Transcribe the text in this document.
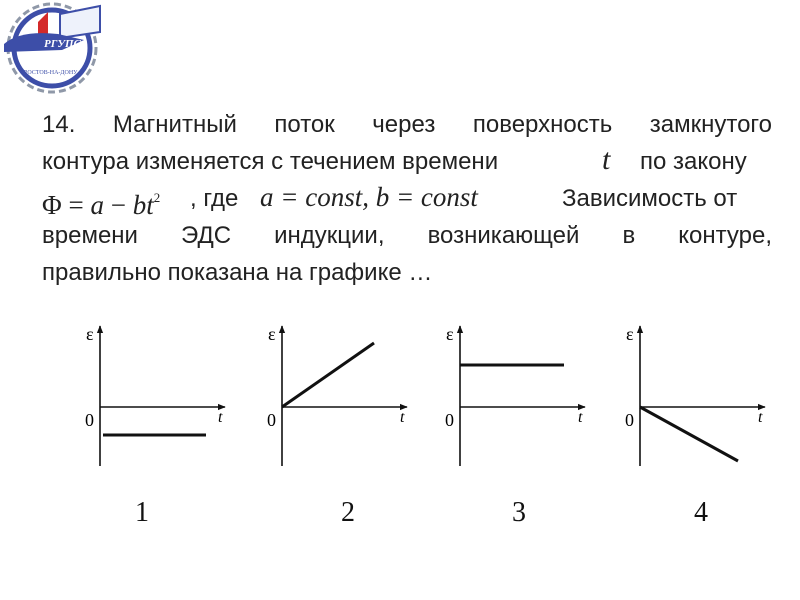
РГУПС
РОСТОВ-НА-ДОНУ
14. Магнитный поток через поверхность замкнутого
контура изменяется с течением времени	t по закону
$\Phi = a - bt^2$ , где a = const, b = const	Зависимость от
времени ЭДС индукции, возникающей в контуре,
правильно показана на графике …
ε
t
0
ε
t
0
ε
t
0
ε
t
0
1	2	3	4
